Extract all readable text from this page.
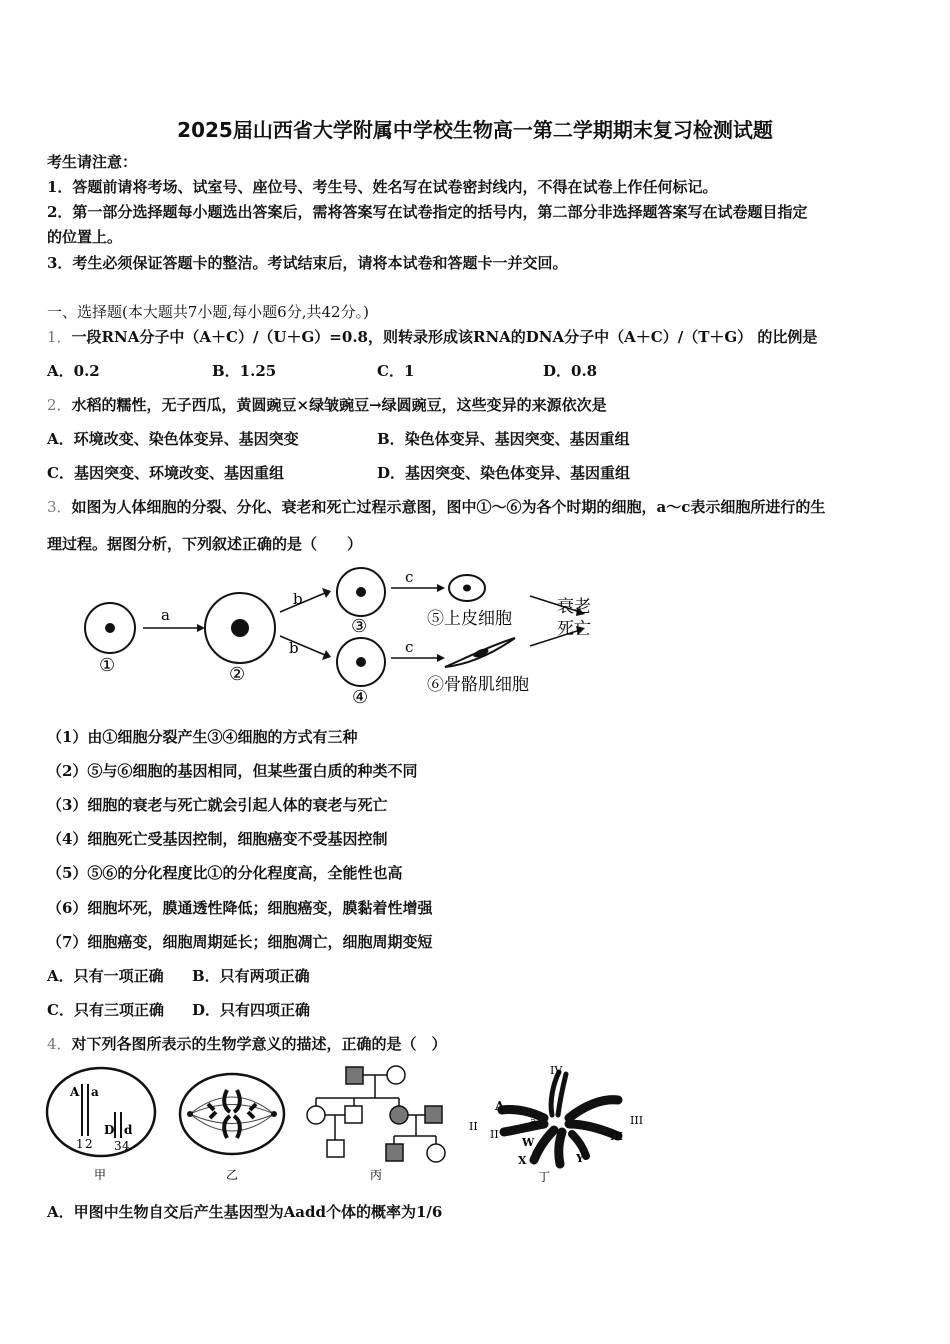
2025届山西省大学附属中学校生物高一第二学期期末复习检测试题
考生请注意：
1．答题前请将考场、试室号、座位号、考生号、姓名写在试卷密封线内，不得在试卷上作任何标记。
2．第一部分选择题每小题选出答案后，需将答案写在试卷指定的括号内，第二部分非选择题答案写在试卷题目指定
的位置上。
3．考生必须保证答题卡的整洁。考试结束后，请将本试卷和答题卡一并交回。
一、选择题(本大题共7小题,每小题6分,共42分。)
1．一段RNA分子中（A＋C）/（U＋G）=0.8，则转录形成该RNA的DNA分子中（A＋C）/（T＋G） 的比例是
A．0.2	B．1.25	C．1	D．0.8
2．水稻的糯性，无子西瓜，黄圆豌豆×绿皱豌豆→绿圆豌豆，这些变异的来源依次是
A．环境改变、染色体变异、基因突变	B．染色体变异、基因突变、基因重组
C．基因突变、环境改变、基因重组	D．基因突变、染色体变异、基因重组
3．如图为人体细胞的分裂、分化、衰老和死亡过程示意图，图中①～⑥为各个时期的细胞，a～c表示细胞所进行的生
理过程。据图分析，下列叙述正确的是（　　）
①
a
②
b
b
③
④
c
c
⑤上皮细胞
⑥骨骼肌细胞
衰老
死亡
（1）由①细胞分裂产生③④细胞的方式有三种
（2）⑤与⑥细胞的基因相同，但某些蛋白质的种类不同
（3）细胞的衰老与死亡就会引起人体的衰老与死亡
（4）细胞死亡受基因控制，细胞癌变不受基因控制
（5）⑤⑥的分化程度比①的分化程度高，全能性也高
（6）细胞坏死，膜通透性降低；细胞癌变，膜黏着性增强
（7）细胞癌变，细胞周期延长；细胞凋亡，细胞周期变短
A．只有一项正确 B．只有两项正确
C．只有三项正确 D．只有四项正确
4．对下列各图所表示的生物学意义的描述，正确的是（　）
A a
1 2
D d
3 4
甲	乙	丙
IV
A
a
II
II
III
III
W
X	Y
丁
A．甲图中生物自交后产生基因型为Aadd个体的概率为1/6
